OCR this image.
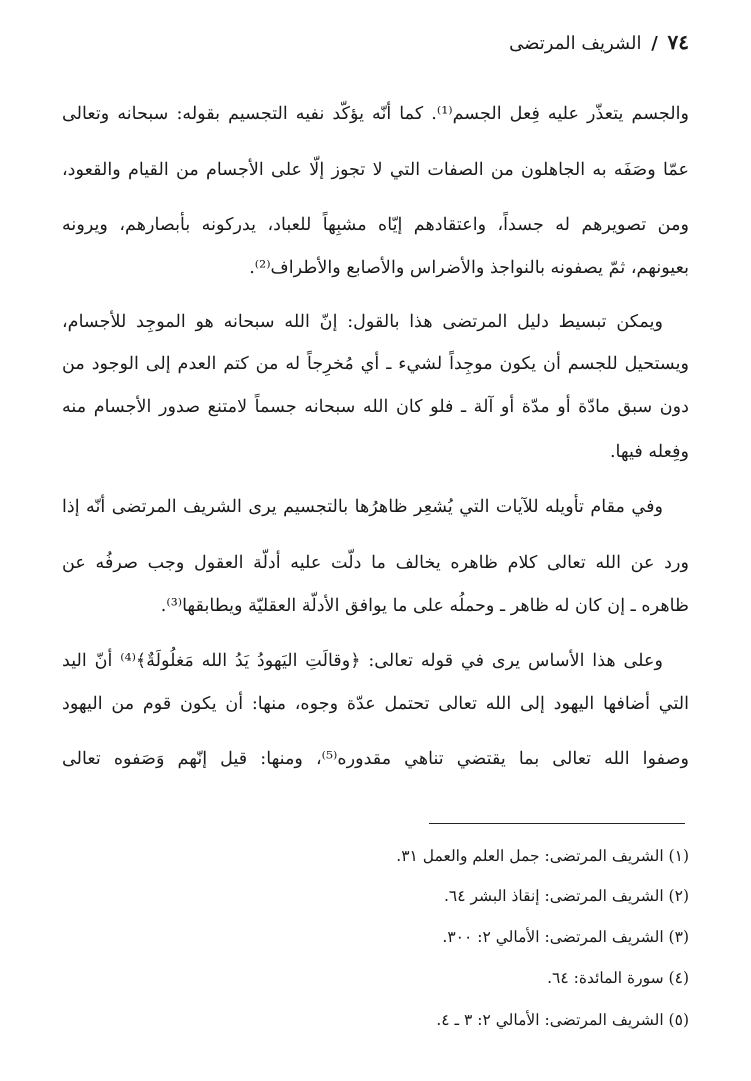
٧٤ / الشريف المرتضى
والجسم يتعذّر عليه فِعل الجسم⁽¹⁾. كما أنّه يؤكّد نفيه التجسيم بقوله: سبحانه وتعالى
عمّا وصَفَه به الجاهلون من الصفات التي لا تجوز إلّا على الأجسام من القيام والقعود،
ومن تصويرهم له جسداً، واعتقادهم إيّاه مشبِهاً للعباد، يدركونه بأبصارهم، ويرونه
بعيونهم، ثمّ يصفونه بالنواجذ والأضراس والأصابع والأطراف⁽²⁾.
ويمكن تبسيط دليل المرتضى هذا بالقول: إنّ الله سبحانه هو الموجِد للأجسام،
ويستحيل للجسم أن يكون موجِداً لشيء ـ أي مُخرِجاً له من كتم العدم إلى الوجود من
دون سبق مادّة أو مدّة أو آلة ـ فلو كان الله سبحانه جسماً لامتنع صدور الأجسام منه
وفِعله فيها.
وفي مقام تأويله للآيات التي يُشعِر ظاهرُها بالتجسيم يرى الشريف المرتضى أنّه إذا
ورد عن الله تعالى كلام ظاهره يخالف ما دلّت عليه أدلّة العقول وجب صرفُه عن
ظاهره ـ إن كان له ظاهر ـ وحملُه على ما يوافق الأدلّة العقليّة ويطابقها⁽³⁾.
وعلى هذا الأساس يرى في قوله تعالى: ﴿وقالَتِ اليَهودُ يَدُ الله مَغلُولَةٌ﴾⁽⁴⁾ أنّ اليد
التي أضافها اليهود إلى الله تعالى تحتمل عدّة وجوه، منها: أن يكون قوم من اليهود
وصفوا الله تعالى بما يقتضي تناهي مقدوره⁽⁵⁾، ومنها: قيل إنّهم وَصَفوه تعالى
(١) الشريف المرتضى: جمل العلم والعمل ٣١.
(٢) الشريف المرتضى: إنقاذ البشر ٦٤.
(٣) الشريف المرتضى: الأمالي ٢: ٣٠٠.
(٤) سورة المائدة: ٦٤.
(٥) الشريف المرتضى: الأمالي ٢: ٣ ـ ٤.
